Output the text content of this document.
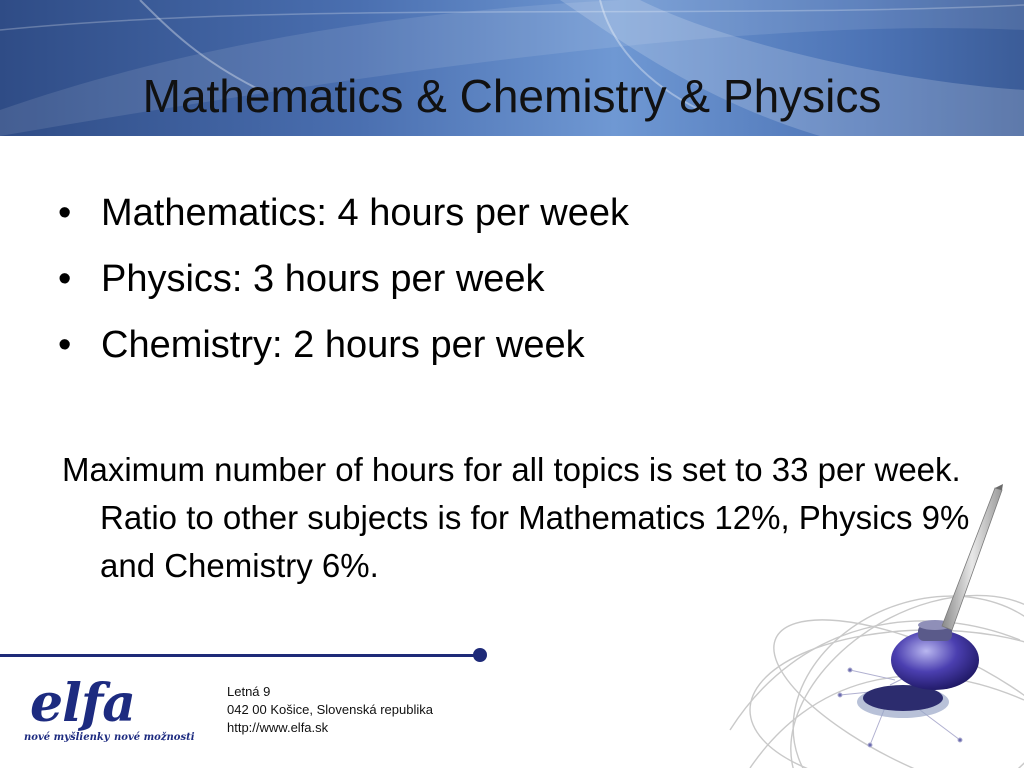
Mathematics & Chemistry & Physics
• Mathematics: 4 hours per week
• Physics: 3 hours per week
• Chemistry: 2 hours per week
Maximum number of hours for all topics is set to 33 per week. Ratio to other subjects is for Mathematics 12%, Physics 9% and Chemistry 6%.
elfa
nové myšlienky nové možnosti
Letná 9
042 00 Košice, Slovenská republika
http://www.elfa.sk
